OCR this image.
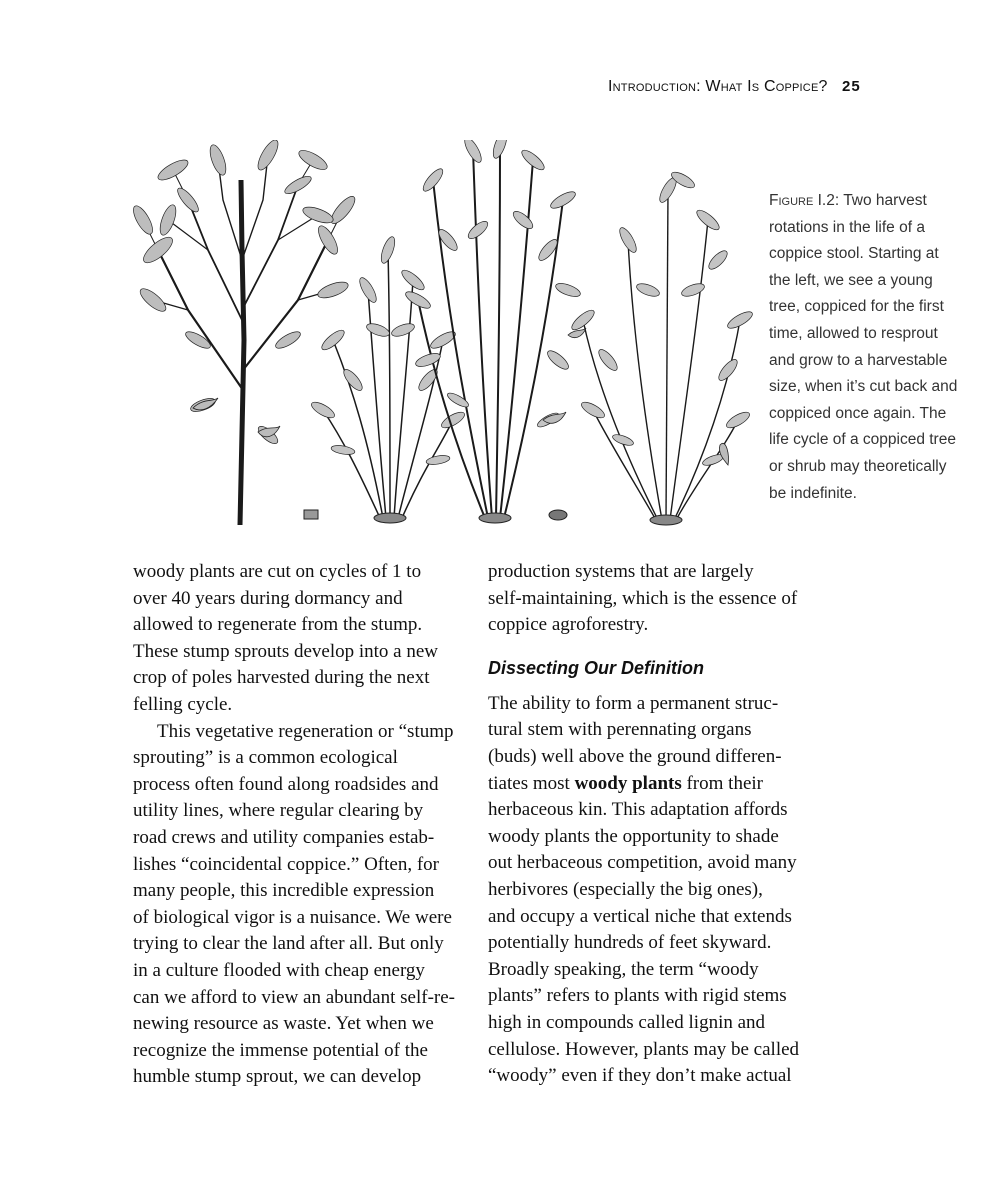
Introduction: What Is Coppice? 25
Figure I.2: Two harvest rotations in the life of a coppice stool. Starting at the left, we see a young tree, coppiced for the first time, allowed to resprout and grow to a harvestable size, when it’s cut back and coppiced once again. The life cycle of a coppiced tree or shrub may theoretically be indefinite.

woody plants are cut on cycles of 1 to
over 40 years during dormancy and
allowed to regenerate from the stump.
These stump sprouts develop into a new
crop of poles harvested during the next
felling cycle.

This vegetative regeneration or “stump
sprouting” is a common ecological
process often found along roadsides and
utility lines, where regular clearing by
road crews and utility companies estab-
lishes “coincidental coppice.” Often, for
many people, this incredible expression
of biological vigor is a nuisance. We were
trying to clear the land after all. But only
in a culture flooded with cheap energy
can we afford to view an abundant self-re-
newing resource as waste. Yet when we
recognize the immense potential of the
humble stump sprout, we can develop

production systems that are largely
self-maintaining, which is the essence of
coppice agroforestry.

Dissecting Our Definition

The ability to form a permanent struc-
tural stem with perennating organs
(buds) well above the ground differen-
tiates most woody plants from their
herbaceous kin. This adaptation affords
woody plants the opportunity to shade
out herbaceous competition, avoid many
herbivores (especially the big ones),
and occupy a vertical niche that extends
potentially hundreds of feet skyward.
Broadly speaking, the term “woody
plants” refers to plants with rigid stems
high in compounds called lignin and
cellulose. However, plants may be called
“woody” even if they don’t make actual
